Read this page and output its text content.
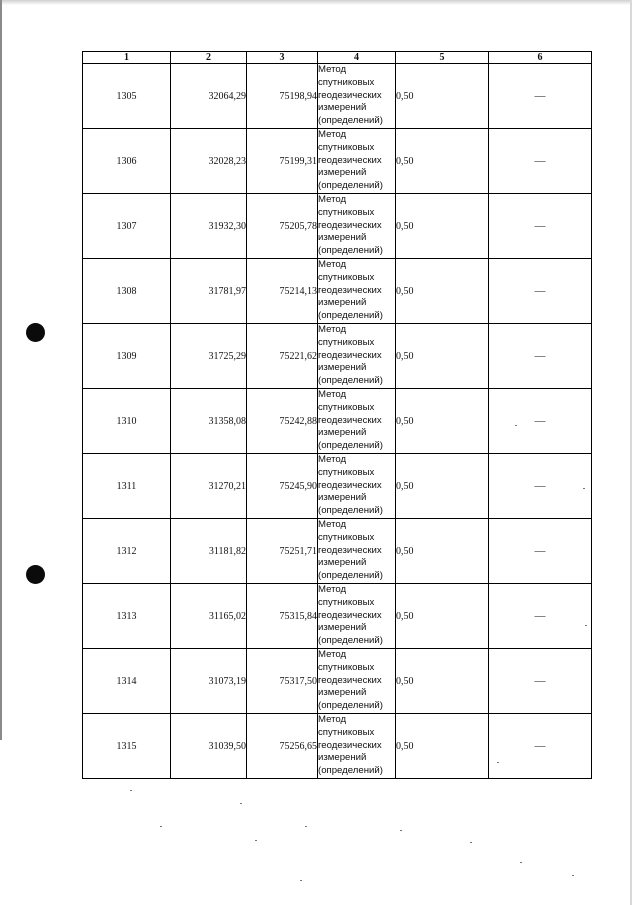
1	2	3	4	5	6
1305	32064,29	75198,94	Метод
спутниковых
геодезических
измерений
(определений)	0,50	—
1306	32028,23	75199,31	Метод
спутниковых
геодезических
измерений
(определений)	0,50	—
1307	31932,30	75205,78	Метод
спутниковых
геодезических
измерений
(определений)	0,50	—
1308	31781,97	75214,13	Метод
спутниковых
геодезических
измерений
(определений)	0,50	—
1309	31725,29	75221,62	Метод
спутниковых
геодезических
измерений
(определений)	0,50	—
1310	31358,08	75242,88	Метод
спутниковых
геодезических
измерений
(определений)	0,50	—
1311	31270,21	75245,90	Метод
спутниковых
геодезических
измерений
(определений)	0,50	—
1312	31181,82	75251,71	Метод
спутниковых
геодезических
измерений
(определений)	0,50	—
1313	31165,02	75315,84	Метод
спутниковых
геодезических
измерений
(определений)	0,50	—
1314	31073,19	75317,50	Метод
спутниковых
геодезических
измерений
(определений)	0,50	—
1315	31039,50	75256,65	Метод
спутниковых
геодезических
измерений
(определений)	0,50	—
